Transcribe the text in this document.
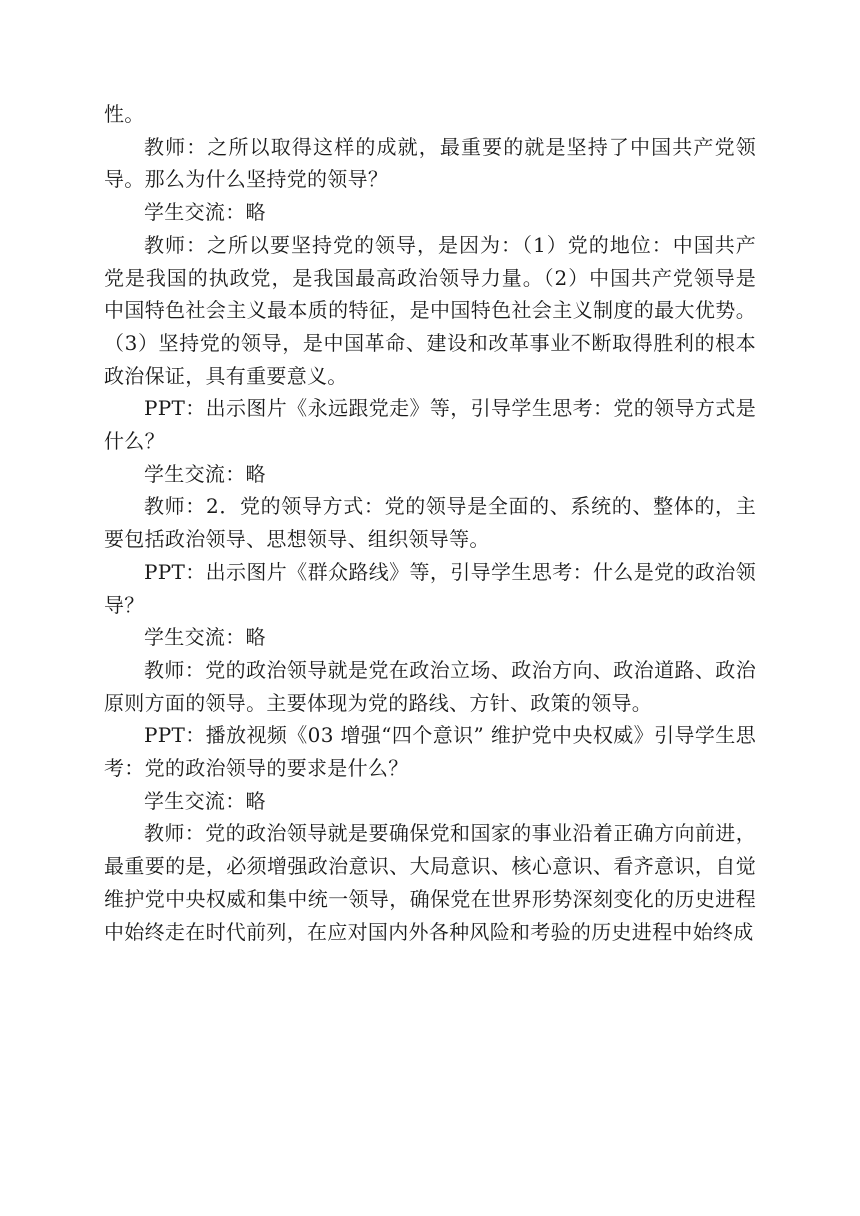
性。

教师：之所以取得这样的成就，最重要的就是坚持了中国共产党领导。那么为什么坚持党的领导？

学生交流：略

教师：之所以要坚持党的领导，是因为：（1）党的地位：中国共产党是我国的执政党，是我国最高政治领导力量。（2）中国共产党领导是中国特色社会主义最本质的特征，是中国特色社会主义制度的最大优势。（3）坚持党的领导，是中国革命、建设和改革事业不断取得胜利的根本政治保证，具有重要意义。

PPT：出示图片《永远跟党走》等，引导学生思考：党的领导方式是什么？

学生交流：略

教师：2．党的领导方式：党的领导是全面的、系统的、整体的，主要包括政治领导、思想领导、组织领导等。

PPT：出示图片《群众路线》等，引导学生思考：什么是党的政治领导？

学生交流：略

教师：党的政治领导就是党在政治立场、政治方向、政治道路、政治原则方面的领导。主要体现为党的路线、方针、政策的领导。

PPT：播放视频《03 增强“四个意识” 维护党中央权威》引导学生思考：党的政治领导的要求是什么？

学生交流：略

教师：党的政治领导就是要确保党和国家的事业沿着正确方向前进，最重要的是，必须增强政治意识、大局意识、核心意识、看齐意识，自觉维护党中央权威和集中统一领导，确保党在世界形势深刻变化的历史进程中始终走在时代前列，在应对国内外各种风险和考验的历史进程中始终成
